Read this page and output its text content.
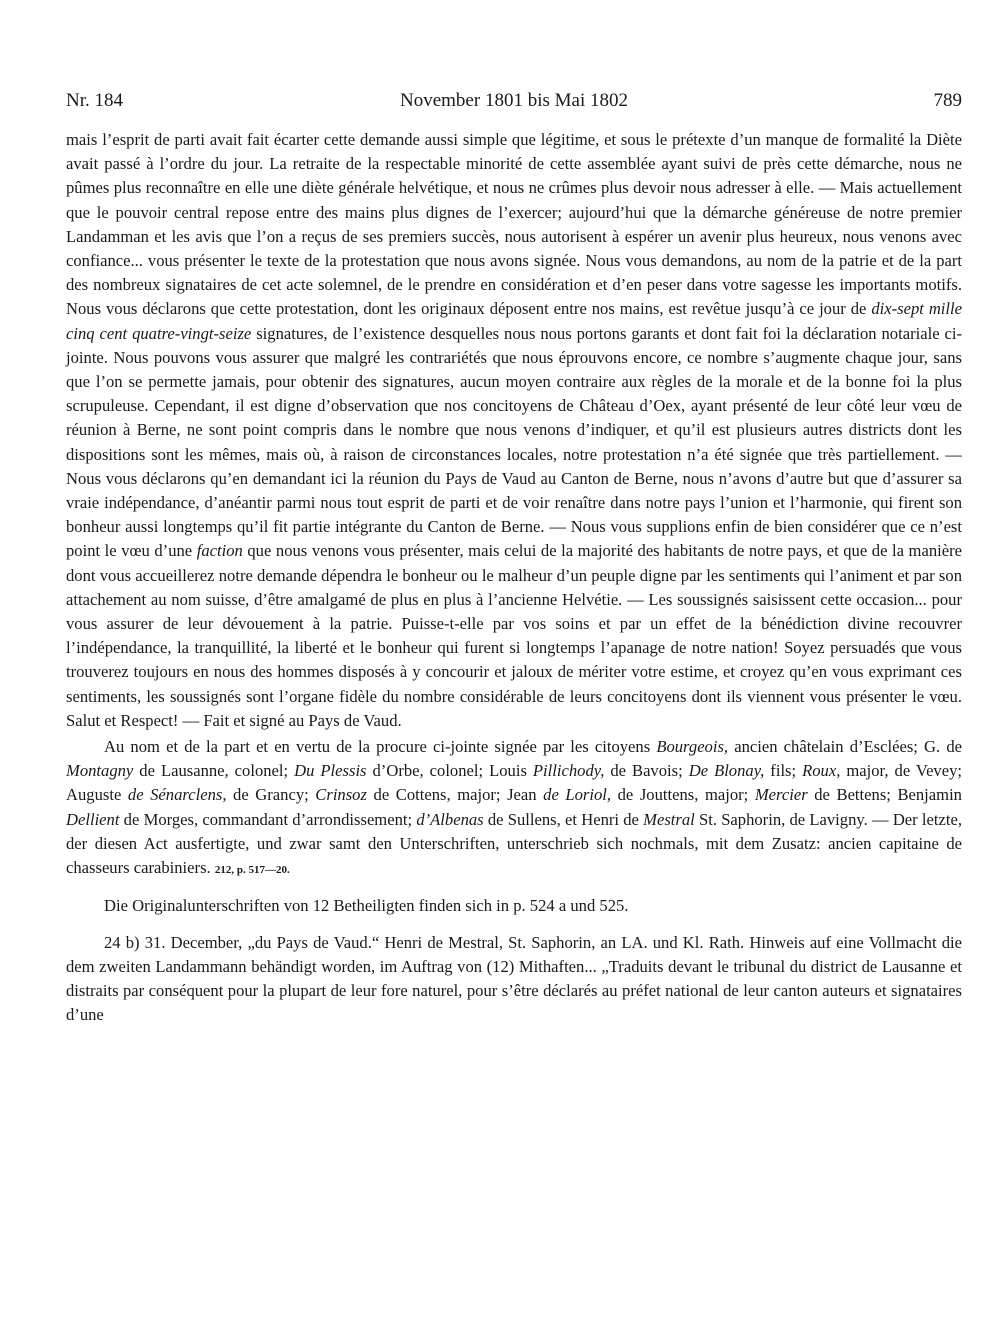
Nr. 184	November 1801 bis Mai 1802	789

mais l’esprit de parti avait fait écarter cette demande aussi simple que légitime, et sous le prétexte d’un manque de formalité la Diète avait passé à l’ordre du jour. La retraite de la respectable minorité de cette assemblée ayant suivi de près cette démarche, nous ne pûmes plus reconnaître en elle une diète générale helvétique, et nous ne crûmes plus devoir nous adresser à elle. — Mais actuellement que le pouvoir central repose entre des mains plus dignes de l’exercer; aujourd’hui que la démarche généreuse de notre premier Landamman et les avis que l’on a reçus de ses premiers succès, nous autorisent à espérer un avenir plus heureux, nous venons avec confiance... vous présenter le texte de la protestation que nous avons signée. Nous vous demandons, au nom de la patrie et de la part des nombreux signataires de cet acte solemnel, de le prendre en considération et d’en peser dans votre sagesse les importants motifs. Nous vous déclarons que cette protestation, dont les originaux déposent entre nos mains, est revêtue jusqu’à ce jour de dix-sept mille cinq cent quatre-vingt-seize signatures, de l’existence desquelles nous nous portons garants et dont fait foi la déclaration notariale ci-jointe. Nous pouvons vous assurer que malgré les contrariétés que nous éprouvons encore, ce nombre s’augmente chaque jour, sans que l’on se permette jamais, pour obtenir des signatures, aucun moyen contraire aux règles de la morale et de la bonne foi la plus scrupuleuse. Cependant, il est digne d’observation que nos concitoyens de Château d’Oex, ayant présenté de leur côté leur vœu de réunion à Berne, ne sont point compris dans le nombre que nous venons d’indiquer, et qu’il est plusieurs autres districts dont les dispositions sont les mêmes, mais où, à raison de circonstances locales, notre protestation n’a été signée que très partiellement. — Nous vous déclarons qu’en demandant ici la réunion du Pays de Vaud au Canton de Berne, nous n’avons d’autre but que d’assurer sa vraie indépendance, d’anéantir parmi nous tout esprit de parti et de voir renaître dans notre pays l’union et l’harmonie, qui firent son bonheur aussi longtemps qu’il fit partie intégrante du Canton de Berne. — Nous vous supplions enfin de bien considérer que ce n’est point le vœu d’une faction que nous venons vous présenter, mais celui de la majorité des habitants de notre pays, et que de la manière dont vous accueillerez notre demande dépendra le bonheur ou le malheur d’un peuple digne par les sentiments qui l’animent et par son attachement au nom suisse, d’être amalgamé de plus en plus à l’ancienne Helvétie. — Les soussignés saisissent cette occasion... pour vous assurer de leur dévouement à la patrie. Puisse-t-elle par vos soins et par un effet de la bénédiction divine recouvrer l’indépendance, la tranquillité, la liberté et le bonheur qui furent si longtemps l’apanage de notre nation! Soyez persuadés que vous trouverez toujours en nous des hommes disposés à y concourir et jaloux de mériter votre estime, et croyez qu’en vous exprimant ces sentiments, les soussignés sont l’organe fidèle du nombre considérable de leurs concitoyens dont ils viennent vous présenter le vœu. Salut et Respect! — Fait et signé au Pays de Vaud.

Au nom et de la part et en vertu de la procure ci-jointe signée par les citoyens Bourgeois, ancien châtelain d’Esclées; G. de Montagny de Lausanne, colonel; Du Plessis d’Orbe, colonel; Louis Pillichody, de Bavois; De Blonay, fils; Roux, major, de Vevey; Auguste de Sénarclens, de Grancy; Crinsoz de Cottens, major; Jean de Loriol, de Jouttens, major; Mercier de Bettens; Benjamin Dellient de Morges, commandant d’arrondissement; d’Albenas de Sullens, et Henri de Mestral St. Saphorin, de Lavigny. — Der letzte, der diesen Act ausfertigte, und zwar samt den Unterschriften, unterschrieb sich nochmals, mit dem Zusatz: ancien capitaine de chasseurs carabiniers. 212, p. 517—20.

Die Originalunterschriften von 12 Betheiligten finden sich in p. 524 a und 525.

24 b) 31. December, „du Pays de Vaud.“ Henri de Mestral, St. Saphorin, an LA. und Kl. Rath. Hinweis auf eine Vollmacht die dem zweiten Landammann behändigt worden, im Auftrag von (12) Mithaften... „Traduits devant le tribunal du district de Lausanne et distraits par conséquent pour la plupart de leur fore naturel, pour s’être déclarés au préfet national de leur canton auteurs et signataires d’une
